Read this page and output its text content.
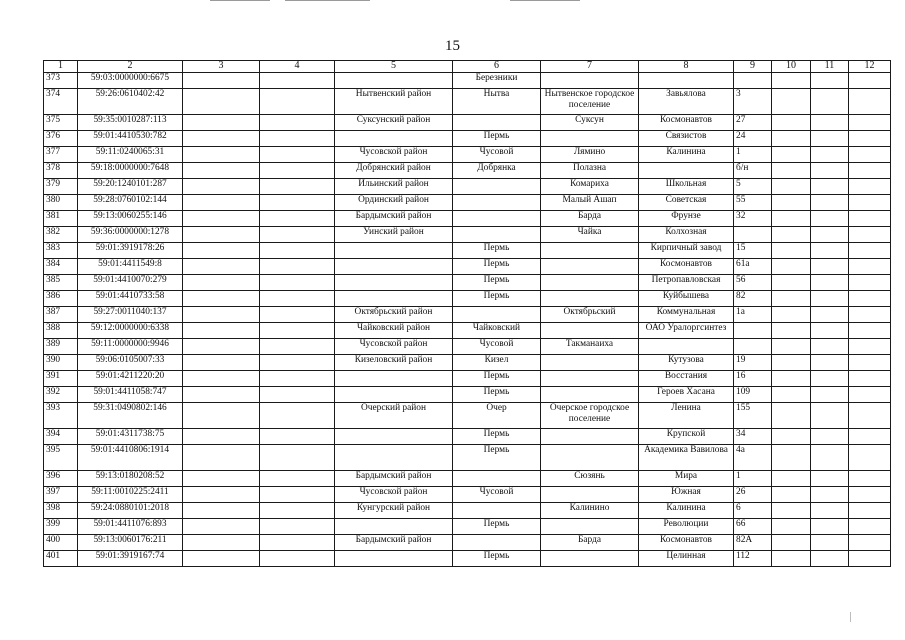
15
1	2	3	4	5	6	7	8	9	10	11	12
373	59:03:0000000:6675				Березники						
374	59:26:0610402:42			Нытвенский район	Нытва	Нытвенское городское поселение	Завьялова	3			
375	59:35:0010287:113			Суксунский район		Суксун	Космонавтов	27			
376	59:01:4410530:782				Пермь		Связистов	24			
377	59:11:0240065:31			Чусовской район	Чусовой	Лямино	Калинина	1			
378	59:18:0000000:7648			Добрянский район	Добрянка	Полазна		б/н			
379	59:20:1240101:287			Ильинский район		Комариха	Школьная	5			
380	59:28:0760102:144			Ординский район		Малый Ашап	Советская	55			
381	59:13:0060255:146			Бардымский район		Барда	Фрунзе	32			
382	59:36:0000000:1278			Уинский район		Чайка	Колхозная				
383	59:01:3919178:26				Пермь		Кирпичный завод	15			
384	59:01:4411549:8				Пермь		Космонавтов	61а			
385	59:01:4410070:279				Пермь		Петропавловская	56			
386	59:01:4410733:58				Пермь		Куйбышева	82			
387	59:27:0011040:137			Октябрьский район		Октябрьский	Коммунальная	1а			
388	59:12:0000000:6338			Чайковский район	Чайковский		ОАО Уралоргсинтез				
389	59:11:0000000:9946			Чусовской район	Чусовой	Такманаиха					
390	59:06:0105007:33			Кизеловский район	Кизел		Кутузова	19			
391	59:01:4211220:20				Пермь		Восстания	16			
392	59:01:4411058:747				Пермь		Героев Хасана	109			
393	59:31:0490802:146			Очерский район	Очер	Очерское городское поселение	Ленина	155			
394	59:01:4311738:75				Пермь		Крупской	34			
395	59:01:4410806:1914				Пермь		Академика Вавилова	4а			
396	59:13:0180208:52			Бардымский район		Сюзянь	Мира	1			
397	59:11:0010225:2411			Чусовской район	Чусовой		Южная	26			
398	59:24:0880101:2018			Кунгурский район		Калинино	Калинина	6			
399	59:01:4411076:893				Пермь		Революции	66			
400	59:13:0060176:211			Бардымский район		Барда	Космонавтов	82А			
401	59:01:3919167:74				Пермь		Целинная	112			
